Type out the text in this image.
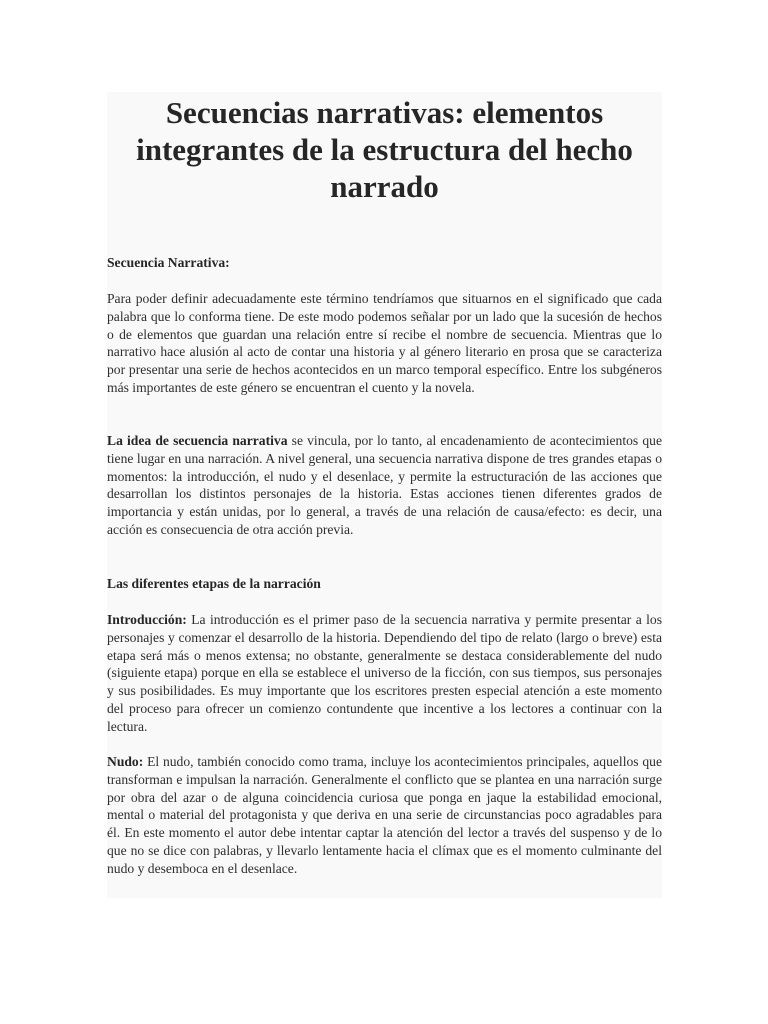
Secuencias narrativas: elementos integrantes de la estructura del hecho narrado
Secuencia Narrativa:

Para poder definir adecuadamente este término tendríamos que situarnos en el significado que cada palabra que lo conforma tiene. De este modo podemos señalar por un lado que la sucesión de hechos o de elementos que guardan una relación entre sí recibe el nombre de secuencia. Mientras que lo narrativo hace alusión al acto de contar una historia y al género literario en prosa que se caracteriza por presentar una serie de hechos acontecidos en un marco temporal específico. Entre los subgéneros más importantes de este género se encuentran el cuento y la novela.

La idea de secuencia narrativa se vincula, por lo tanto, al encadenamiento de acontecimientos que tiene lugar en una narración. A nivel general, una secuencia narrativa dispone de tres grandes etapas o momentos: la introducción, el nudo y el desenlace, y permite la estructuración de las acciones que desarrollan los distintos personajes de la historia. Estas acciones tienen diferentes grados de importancia y están unidas, por lo general, a través de una relación de causa/efecto: es decir, una acción es consecuencia de otra acción previa.

Las diferentes etapas de la narración

Introducción: La introducción es el primer paso de la secuencia narrativa y permite presentar a los personajes y comenzar el desarrollo de la historia. Dependiendo del tipo de relato (largo o breve) esta etapa será más o menos extensa; no obstante, generalmente se destaca considerablemente del nudo (siguiente etapa) porque en ella se establece el universo de la ficción, con sus tiempos, sus personajes y sus posibilidades. Es muy importante que los escritores presten especial atención a este momento del proceso para ofrecer un comienzo contundente que incentive a los lectores a continuar con la lectura.

Nudo: El nudo, también conocido como trama, incluye los acontecimientos principales, aquellos que transforman e impulsan la narración. Generalmente el conflicto que se plantea en una narración surge por obra del azar o de alguna coincidencia curiosa que ponga en jaque la estabilidad emocional, mental o material del protagonista y que deriva en una serie de circunstancias poco agradables para él. En este momento el autor debe intentar captar la atención del lector a través del suspenso y de lo que no se dice con palabras, y llevarlo lentamente hacia el clímax que es el momento culminante del nudo y desemboca en el desenlace.
